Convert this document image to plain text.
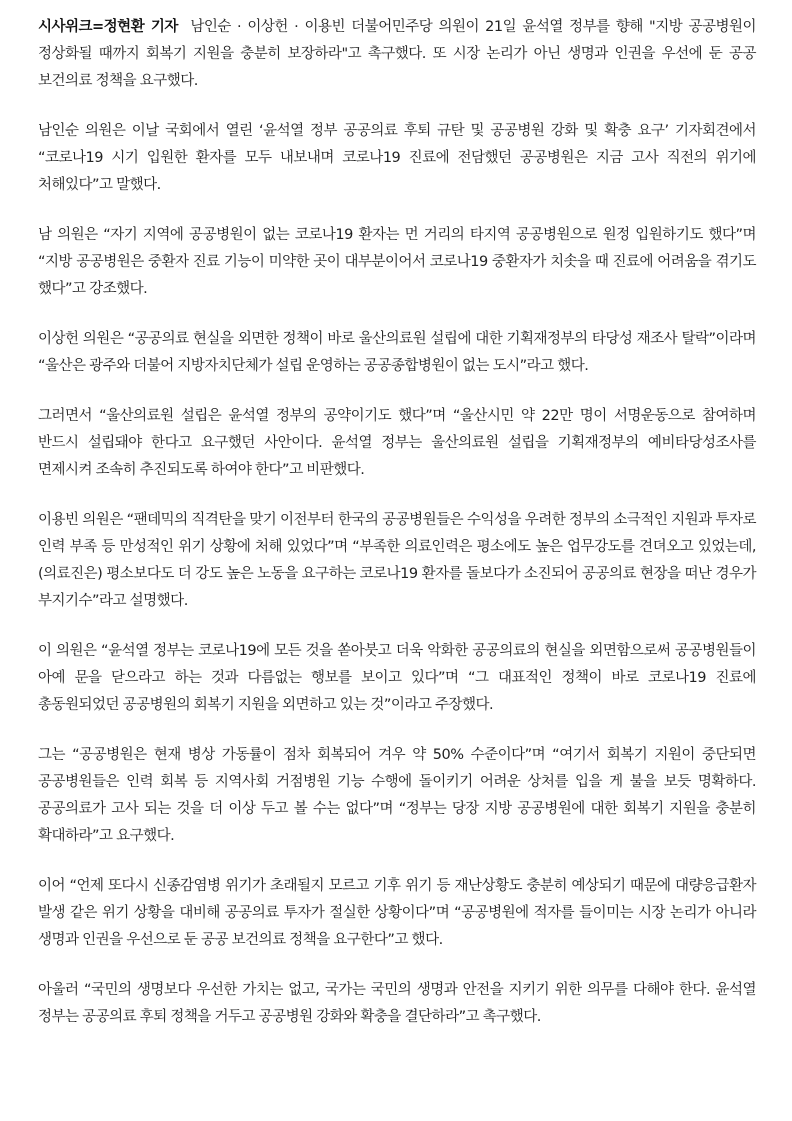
시사위크=정현환 기자 남인순 · 이상헌 · 이용빈 더불어민주당 의원이 21일 윤석열 정부를 향해 "지방 공공병원이 정상화될 때까지 회복기 지원을 충분히 보장하라"고 촉구했다. 또 시장 논리가 아닌 생명과 인권을 우선에 둔 공공 보건의료 정책을 요구했다.

남인순 의원은 이날 국회에서 열린 ‘윤석열 정부 공공의료 후퇴 규탄 및 공공병원 강화 및 확충 요구’ 기자회견에서 “코로나19 시기 입원한 환자를 모두 내보내며 코로나19 진료에 전담했던 공공병원은 지금 고사 직전의 위기에 처해있다”고 말했다.

남 의원은 “자기 지역에 공공병원이 없는 코로나19 환자는 먼 거리의 타지역 공공병원으로 원정 입원하기도 했다”며 “지방 공공병원은 중환자 진료 기능이 미약한 곳이 대부분이어서 코로나19 중환자가 치솟을 때 진료에 어려움을 겪기도 했다”고 강조했다.

이상헌 의원은 “공공의료 현실을 외면한 정책이 바로 울산의료원 설립에 대한 기획재정부의 타당성 재조사 탈락”이라며 “울산은 광주와 더불어 지방자치단체가 설립 운영하는 공공종합병원이 없는 도시”라고 했다.

그러면서 “울산의료원 설립은 윤석열 정부의 공약이기도 했다”며 “울산시민 약 22만 명이 서명운동으로 참여하며 반드시 설립돼야 한다고 요구했던 사안이다. 윤석열 정부는 울산의료원 설립을 기획재정부의 예비타당성조사를 면제시켜 조속히 추진되도록 하여야 한다”고 비판했다.

이용빈 의원은 “팬데믹의 직격탄을 맞기 이전부터 한국의 공공병원들은 수익성을 우려한 정부의 소극적인 지원과 투자로 인력 부족 등 만성적인 위기 상황에 처해 있었다”며 “부족한 의료인력은 평소에도 높은 업무강도를 견뎌오고 있었는데, (의료진은) 평소보다도 더 강도 높은 노동을 요구하는 코로나19 환자를 돌보다가 소진되어 공공의료 현장을 떠난 경우가 부지기수”라고 설명했다.

이 의원은 “윤석열 정부는 코로나19에 모든 것을 쏟아붓고 더욱 악화한 공공의료의 현실을 외면함으로써 공공병원들이 아예 문을 닫으라고 하는 것과 다름없는 행보를 보이고 있다”며 “그 대표적인 정책이 바로 코로나19 진료에 총동원되었던 공공병원의 회복기 지원을 외면하고 있는 것”이라고 주장했다.

그는 “공공병원은 현재 병상 가동률이 점차 회복되어 겨우 약 50% 수준이다”며 “여기서 회복기 지원이 중단되면 공공병원들은 인력 회복 등 지역사회 거점병원 기능 수행에 돌이키기 어려운 상처를 입을 게 불을 보듯 명확하다. 공공의료가 고사 되는 것을 더 이상 두고 볼 수는 없다”며 “정부는 당장 지방 공공병원에 대한 회복기 지원을 충분히 확대하라”고 요구했다.

이어 “언제 또다시 신종감염병 위기가 초래될지 모르고 기후 위기 등 재난상황도 충분히 예상되기 때문에 대량응급환자 발생 같은 위기 상황을 대비해 공공의료 투자가 절실한 상황이다”며 “공공병원에 적자를 들이미는 시장 논리가 아니라 생명과 인권을 우선으로 둔 공공 보건의료 정책을 요구한다”고 했다.

아울러 “국민의 생명보다 우선한 가치는 없고, 국가는 국민의 생명과 안전을 지키기 위한 의무를 다해야 한다. 윤석열 정부는 공공의료 후퇴 정책을 거두고 공공병원 강화와 확충을 결단하라”고 촉구했다.
